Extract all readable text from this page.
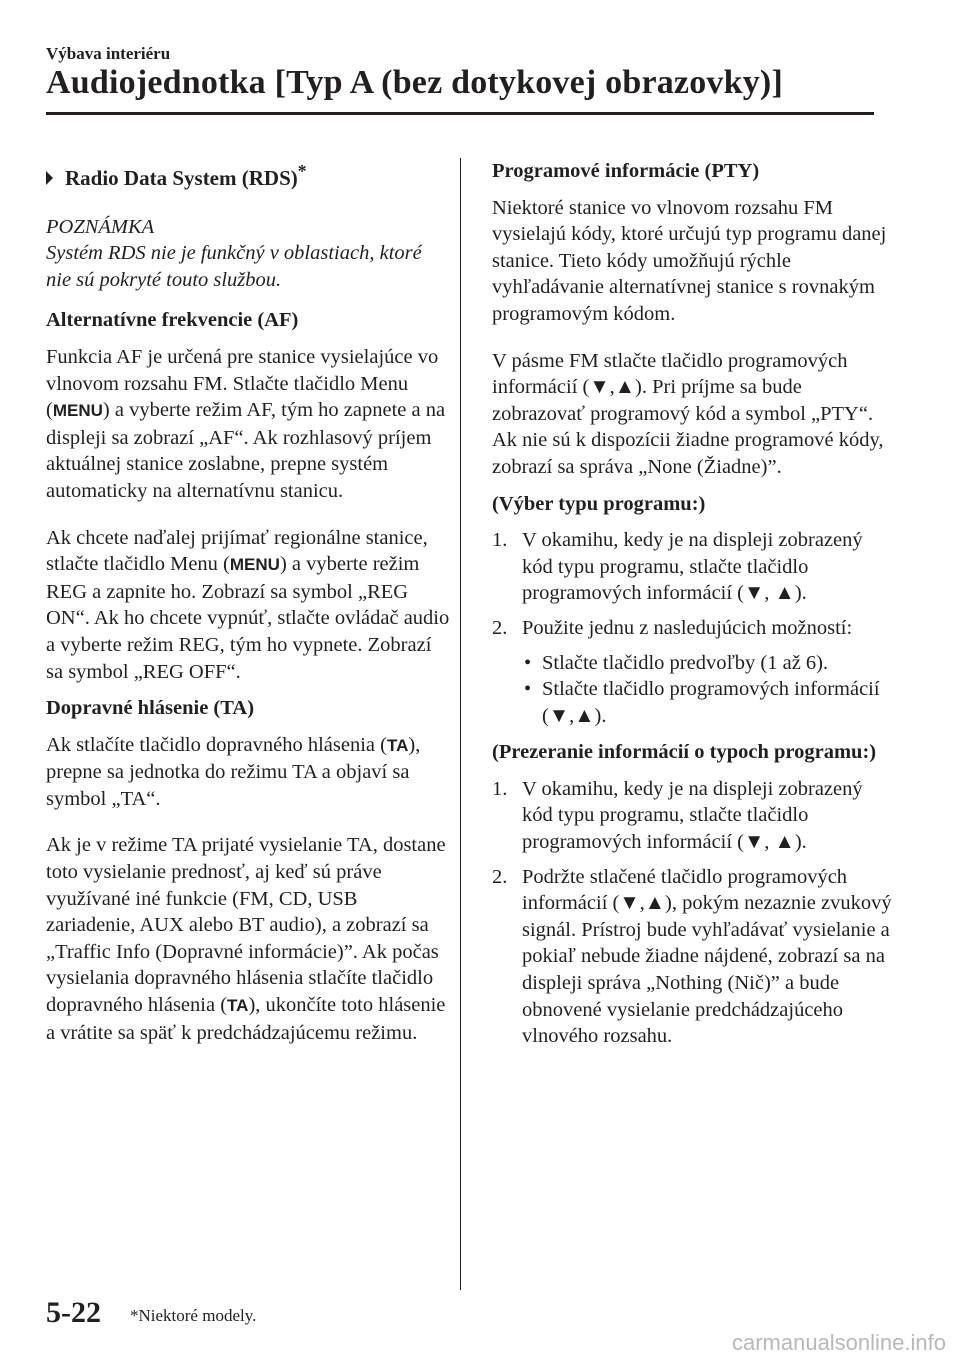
Výbava interiéru
Audiojednotka [Typ A (bez dotykovej obrazovky)]

Radio Data System (RDS)*

POZNÁMKA

Systém RDS nie je funkčný v oblastiach, ktoré nie sú pokryté touto službou.

Alternatívne frekvencie (AF)

Funkcia AF je určená pre stanice vysielajúce vo vlnovom rozsahu FM. Stlačte tlačidlo Menu (MENU) a vyberte režim AF, tým ho zapnete a na displeji sa zobrazí „AF“. Ak rozhlasový príjem aktuálnej stanice zoslabne, prepne systém automaticky na alternatívnu stanicu.

Ak chcete naďalej prijímať regionálne stanice, stlačte tlačidlo Menu (MENU) a vyberte režim REG a zapnite ho. Zobrazí sa symbol „REG ON“. Ak ho chcete vypnúť, stlačte ovládač audio a vyberte režim REG, tým ho vypnete. Zobrazí sa symbol „REG OFF“.

Dopravné hlásenie (TA)

Ak stlačíte tlačidlo dopravného hlásenia (TA), prepne sa jednotka do režimu TA a objaví sa symbol „TA“.

Ak je v režime TA prijaté vysielanie TA, dostane toto vysielanie prednosť, aj keď sú práve využívané iné funkcie (FM, CD, USB zariadenie, AUX alebo BT audio), a zobrazí sa „Traffic Info (Dopravné informácie)”. Ak počas vysielania dopravného hlásenia stlačíte tlačidlo dopravného hlásenia (TA), ukončíte toto hlásenie a vrátite sa späť k predchádzajúcemu režimu.

Programové informácie (PTY)

Niektoré stanice vo vlnovom rozsahu FM vysielajú kódy, ktoré určujú typ programu danej stanice. Tieto kódy umožňujú rýchle vyhľadávanie alternatívnej stanice s rovnakým programovým kódom.

V pásme FM stlačte tlačidlo programových informácií (▼,▲). Pri príjme sa bude zobrazovať programový kód a symbol „PTY“. Ak nie sú k dispozícii žiadne programové kódy, zobrazí sa správa „None (Žiadne)”.

(Výber typu programu:)

1. V okamihu, kedy je na displeji zobrazený kód typu programu, stlačte tlačidlo programových informácií (▼, ▲).
2. Použite jednu z nasledujúcich možností:
• Stlačte tlačidlo predvoľby (1 až 6).
• Stlačte tlačidlo programových informácií (▼,▲).

(Prezeranie informácií o typoch programu:)

1. V okamihu, kedy je na displeji zobrazený kód typu programu, stlačte tlačidlo programových informácií (▼, ▲).
2. Podržte stlačené tlačidlo programových informácií (▼,▲), pokým nezaznie zvukový signál. Prístroj bude vyhľadávať vysielanie a pokiaľ nebude žiadne nájdené, zobrazí sa na displeji správa „Nothing (Nič)” a bude obnovené vysielanie predchádzajúceho vlnového rozsahu.
5-22 *Niektoré modely.
carmanualsonline.info
